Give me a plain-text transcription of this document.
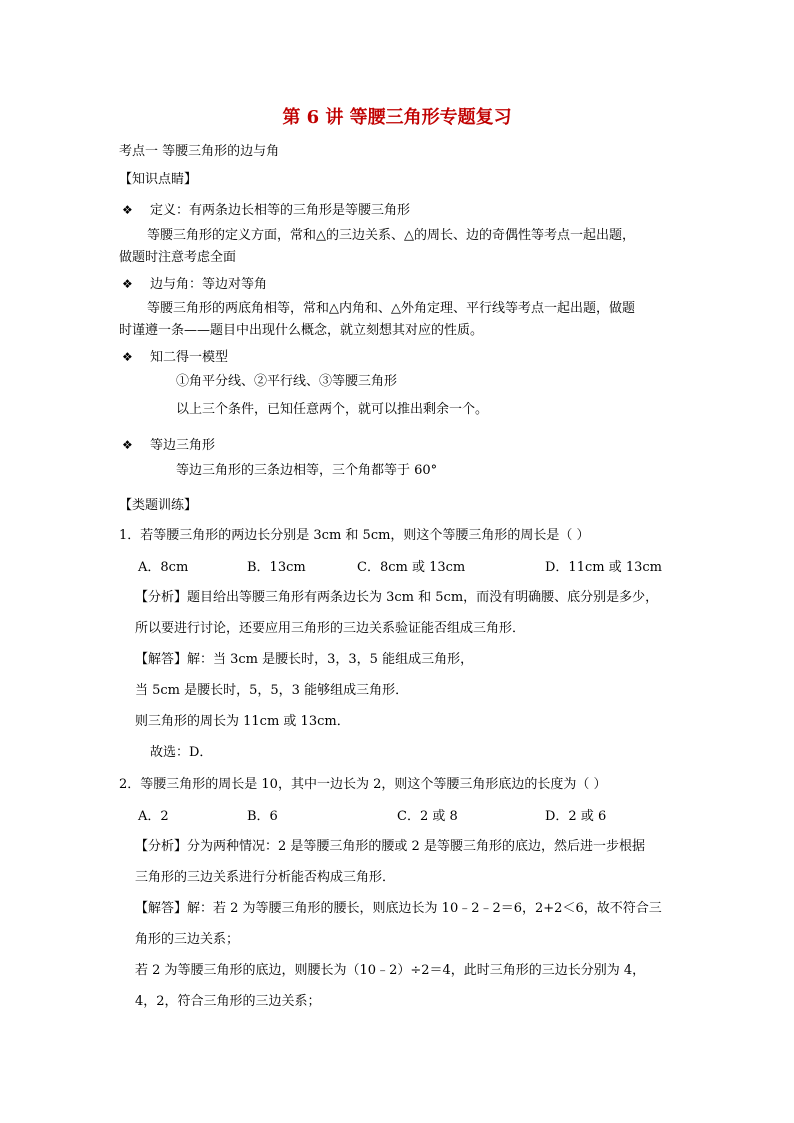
第 6 讲 等腰三角形专题复习
考点一 等腰三角形的边与角
【知识点睛】
❖ 定义：有两条边长相等的三角形是等腰三角形
等腰三角形的定义方面，常和△的三边关系、△的周长、边的奇偶性等考点一起出题，
做题时注意考虑全面
❖ 边与角：等边对等角
等腰三角形的两底角相等，常和△内角和、△外角定理、平行线等考点一起出题，做题
时谨遵一条——题目中出现什么概念，就立刻想其对应的性质。
❖ 知二得一模型
①角平分线、②平行线、③等腰三角形
以上三个条件，已知任意两个，就可以推出剩余一个。
❖ 等边三角形
等边三角形的三条边相等，三个角都等于 60°
【类题训练】
1．若等腰三角形的两边长分别是 3cm 和 5cm，则这个等腰三角形的周长是（ ）
A．8cm	B．13cm	C．8cm 或 13cm	D．11cm 或 13cm
【分析】题目给出等腰三角形有两条边长为 3cm 和 5cm，而没有明确腰、底分别是多少，
所以要进行讨论，还要应用三角形的三边关系验证能否组成三角形．
【解答】解：当 3cm 是腰长时，3，3，5 能组成三角形，
当 5cm 是腰长时，5，5，3 能够组成三角形．
则三角形的周长为 11cm 或 13cm．
故选：D．
2．等腰三角形的周长是 10，其中一边长为 2，则这个等腰三角形底边的长度为（ ）
A．2	B．6	C．2 或 8	D．2 或 6
【分析】分为两种情况：2 是等腰三角形的腰或 2 是等腰三角形的底边，然后进一步根据
三角形的三边关系进行分析能否构成三角形．
【解答】解：若 2 为等腰三角形的腰长，则底边长为 10﹣2﹣2＝6，2+2＜6，故不符合三
角形的三边关系；
若 2 为等腰三角形的底边，则腰长为（10﹣2）÷2＝4，此时三角形的三边长分别为 4，
4，2，符合三角形的三边关系；
